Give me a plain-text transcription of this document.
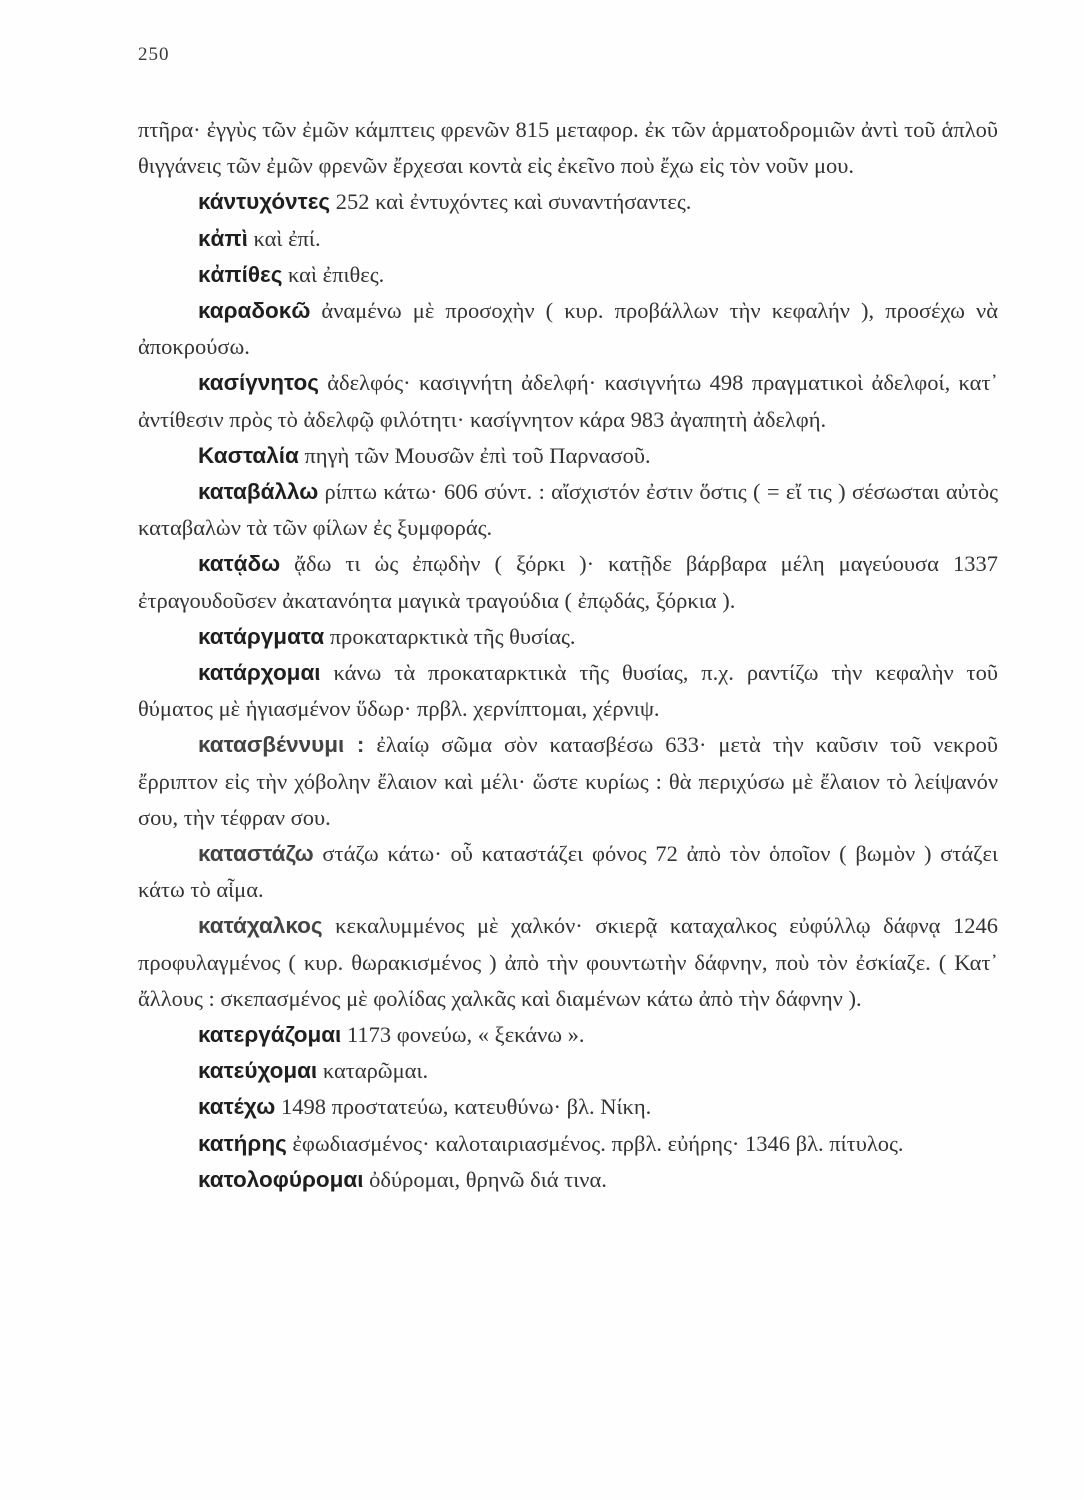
250

πτῆρα· ἐγγὺς τῶν ἐμῶν κάμπτεις φρενῶν 815 μεταφορ. ἐκ τῶν ἁρματοδρομιῶν ἀντὶ τοῦ ἁπλοῦ θιγγάνεις τῶν ἐμῶν φρενῶν ἔρχεσαι κοντὰ εἰς ἐκεῖνο ποὺ ἔχω εἰς τὸν νοῦν μου.

κάντυχόντες 252 καὶ ἐντυχόντες καὶ συναντήσαντες.

κἀπὶ καὶ ἐπί.

κἀπίθες καὶ ἐπιθες.

καραδοκῶ ἀναμένω μὲ προσοχὴν ( κυρ. προβάλλων τὴν κεφαλήν ), προσέχω νὰ ἀποκρούσω.

κασίγνητος ἀδελφός· κασιγνήτη ἀδελφή· κασιγνήτω 498 πραγματικοὶ ἀδελφοί, κατ᾽ ἀντίθεσιν πρὸς τὸ ἀδελφῷ φιλότητι· κασίγνητον κάρα 983 ἀγαπητὴ ἀδελφή.

Κασταλία πηγὴ τῶν Μουσῶν ἐπὶ τοῦ Παρνασοῦ.

καταβάλλω ρίπτω κάτω· 606 σύντ. : αἴσχιστόν ἐστιν ὅστις ( = εἴ τις ) σέσωσται αὐτὸς καταβαλὼν τὰ τῶν φίλων ἐς ξυμφοράς.

κατᾴδω ᾄδω τι ὡς ἐπῳδὴν ( ξόρκι )· κατῇδε βάρβαρα μέλη μαγεύουσα 1337 ἐτραγουδοῦσεν ἀκατανόητα μαγικὰ τραγούδια ( ἐπῳδάς, ξόρκια ).

κατάργματα προκαταρκτικὰ τῆς θυσίας.

κατάρχομαι κάνω τὰ προκαταρκτικὰ τῆς θυσίας, π.χ. ραντίζω τὴν κεφαλὴν τοῦ θύματος μὲ ἡγιασμένον ὕδωρ· πρβλ. χερνίπτομαι, χέρνιψ.

κατασβέννυμι : ἐλαίῳ σῶμα σὸν κατασβέσω 633· μετὰ τὴν καῦσιν τοῦ νεκροῦ ἔρριπτον εἰς τὴν χόβολην ἔλαιον καὶ μέλι· ὥστε κυρίως : θὰ περιχύσω μὲ ἔλαιον τὸ λείψανόν σου, τὴν τέφραν σου.

καταστάζω στάζω κάτω· οὗ καταστάζει φόνος 72 ἀπὸ τὸν ὁποῖον ( βωμὸν ) στάζει κάτω τὸ αἷμα.

κατάχαλκος κεκαλυμμένος μὲ χαλκόν· σκιερᾷ καταχαλκος εὐφύλλῳ δάφνᾳ 1246 προφυλαγμένος ( κυρ. θωρακισμένος ) ἀπὸ τὴν φουντωτὴν δάφνην, ποὺ τὸν ἐσκίαζε. ( Κατ᾽ ἄλλους : σκεπασμένος μὲ φολίδας χαλκᾶς καὶ διαμένων κάτω ἀπὸ τὴν δάφνην ).

κατεργάζομαι 1173 φονεύω, « ξεκάνω ».

κατεύχομαι καταρῶμαι.

κατέχω 1498 προστατεύω, κατευθύνω· βλ. Νίκη.

κατήρης ἐφωδιασμένος· καλοταιριασμένος. πρβλ. εὐήρης· 1346 βλ. πίτυλος.

κατολοφύρομαι ὀδύρομαι, θρηνῶ διά τινα.
